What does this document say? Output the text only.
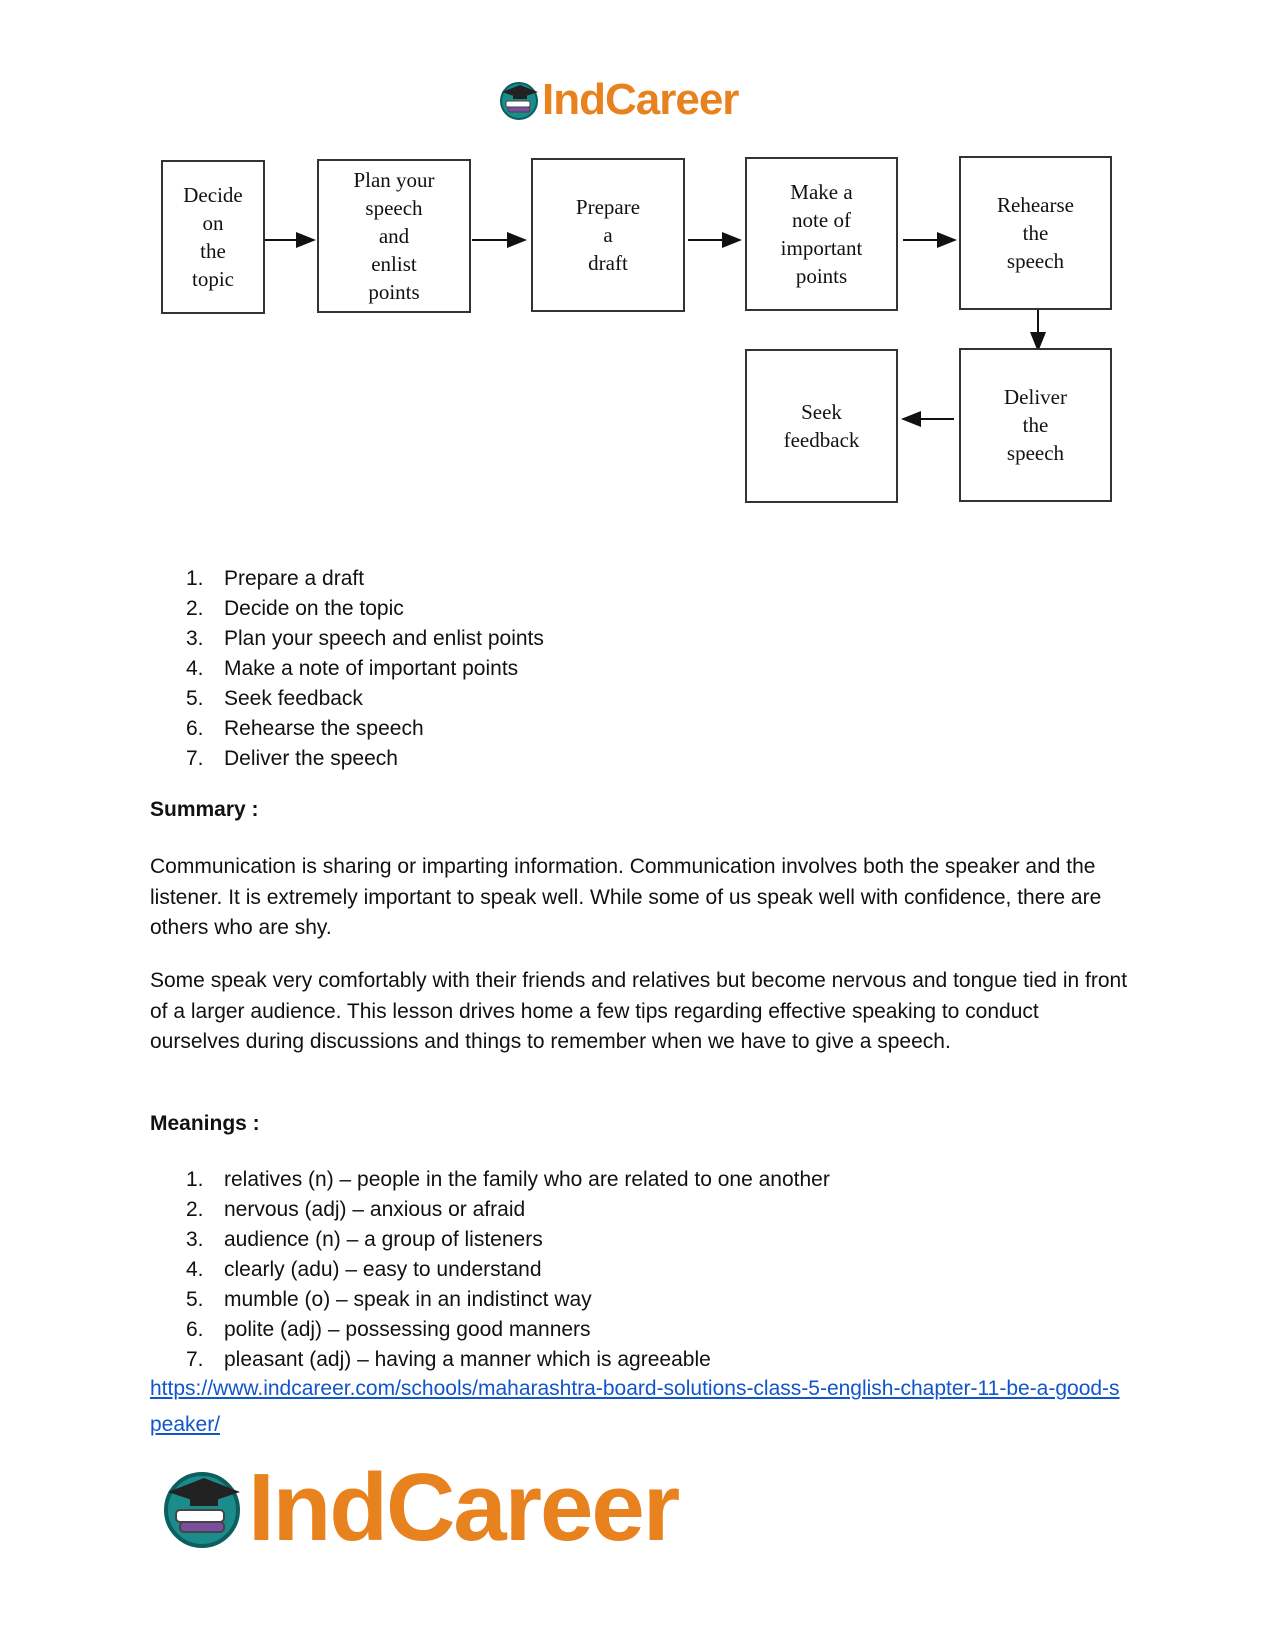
IndCareer
Decide
on
the
topic
Plan your
speech
and
enlist
points
Prepare
a
draft
Make a
note of
important
points
Rehearse
the
speech
Deliver
the
speech
Seek
feedback
1. Prepare a draft
2. Decide on the topic
3. Plan your speech and enlist points
4. Make a note of important points
5. Seek feedback
6. Rehearse the speech
7. Deliver the speech
Summary :

Communication is sharing or imparting information. Communication involves both the speaker and the listener. It is extremely important to speak well. While some of us speak well with confidence, there are others who are shy.

Some speak very comfortably with their friends and relatives but become nervous and tongue tied in front of a larger audience. This lesson drives home a few tips regarding effective speaking to conduct ourselves during discussions and things to remember when we have to give a speech.

Meanings :
1. relatives (n) – people in the family who are related to one another
2. nervous (adj) – anxious or afraid
3. audience (n) – a group of listeners
4. clearly (adu) – easy to understand
5. mumble (o) – speak in an indistinct way
6. polite (adj) – possessing good manners
7. pleasant (adj) – having a manner which is agreeable
https://www.indcareer.com/schools/maharashtra-board-solutions-class-5-english-chapter-11-be-a-good-speaker/
IndCareer
